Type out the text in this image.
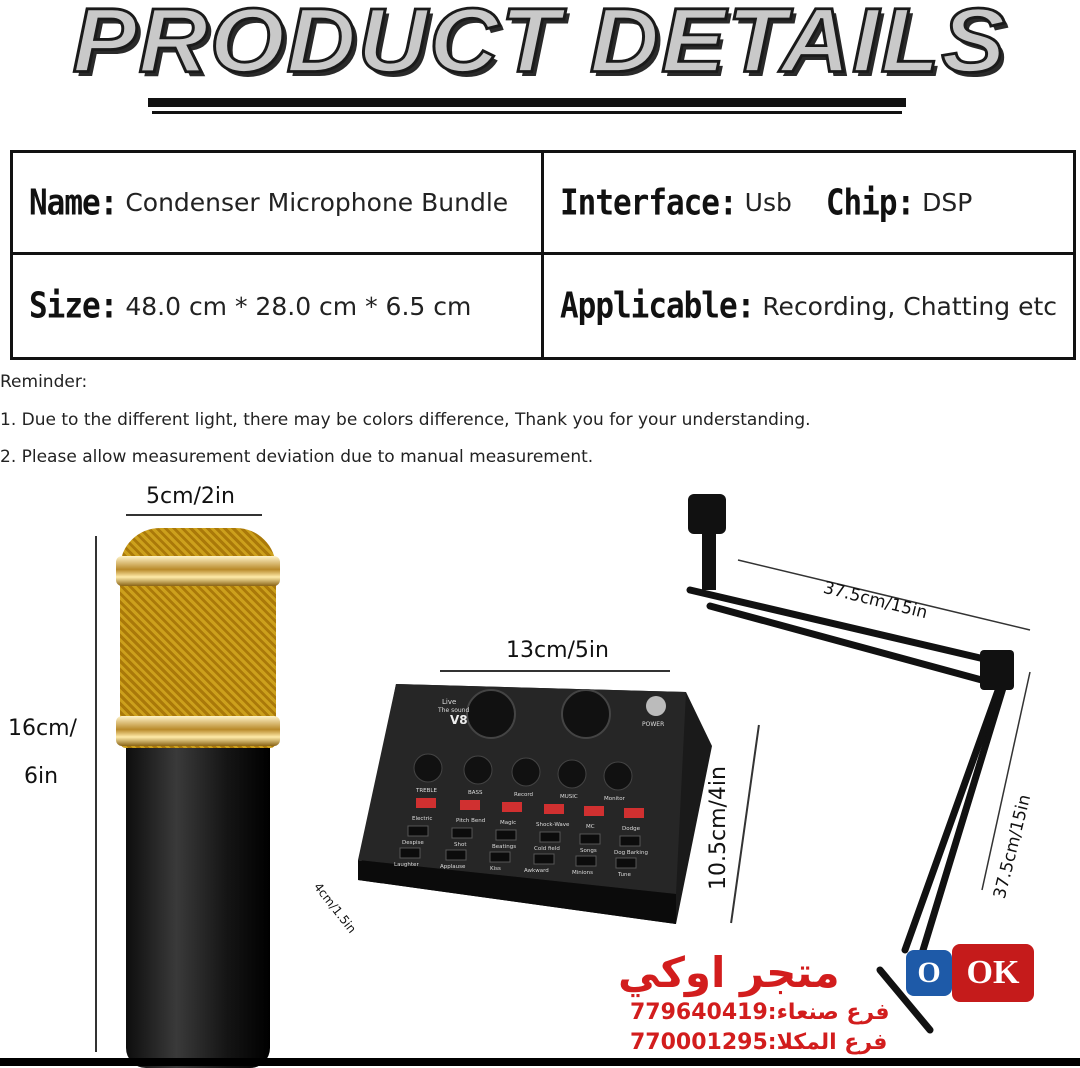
PRODUCT DETAILS
Name: Condenser Microphone Bundle Interface: Usb Chip: DSP
Size: 48.0 cm * 28.0 cm * 6.5 cm	Applicable: Recording, Chatting etc
Reminder:
1. Due to the different light, there may be colors difference, Thank you for your understanding.
2. Please allow measurement deviation due to manual measurement.
5cm/2in
16cm/
6in
13cm/5in
10.5cm/4in
4cm/1.5in
Live
The sound
V8	POWER
TREBLE	BASS	Record	MUSIC	Monitor
Electric	Pitch Bend	Magic	Shock-Wave	MC	Dodge
Despise	Shot	Beatings	Cold field	Songs	Dog Barking
Laughter	Applause	Kiss	Awkward	Minions	Tune
37.5cm/15in
37.5cm/15in
متجر اوكي
فرع صنعاء:779640419
فرع المكلا:770001295
O OK
